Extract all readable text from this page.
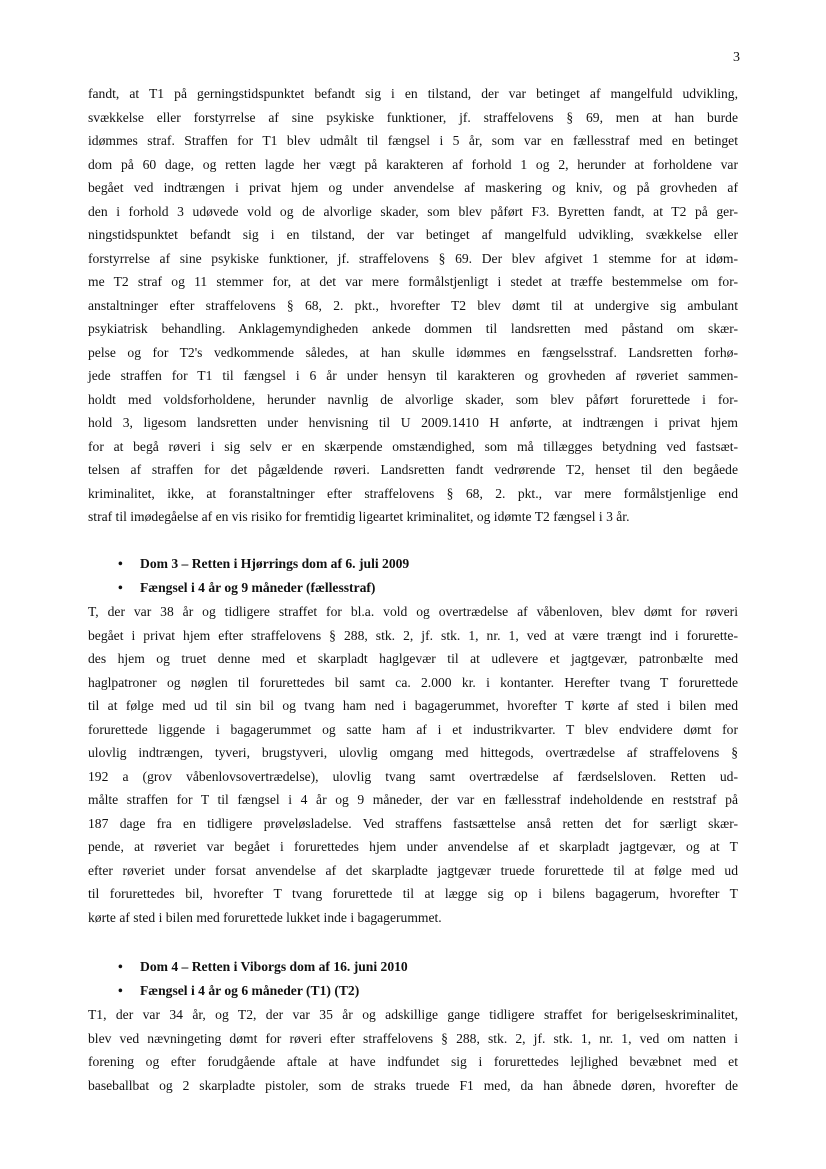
3
fandt, at T1 på gerningstidspunktet befandt sig i en tilstand, der var betinget af mangelfuld udvikling,
svækkelse eller forstyrrelse af sine psykiske funktioner, jf. straffelovens § 69, men at han burde
idømmes straf. Straffen for T1 blev udmålt til fængsel i 5 år, som var en fællesstraf med en betinget
dom på 60 dage, og retten lagde her vægt på karakteren af forhold 1 og 2, herunder at forholdene var
begået ved indtrængen i privat hjem og under anvendelse af maskering og kniv, og på grovheden af
den i forhold 3 udøvede vold og de alvorlige skader, som blev påført F3. Byretten fandt, at T2 på ger-
ningstidspunktet befandt sig i en tilstand, der var betinget af mangelfuld udvikling, svækkelse eller
forstyrrelse af sine psykiske funktioner, jf. straffelovens § 69. Der blev afgivet 1 stemme for at idøm-
me T2 straf og 11 stemmer for, at det var mere formålstjenligt i stedet at træffe bestemmelse om for-
anstaltninger efter straffelovens § 68, 2. pkt., hvorefter T2 blev dømt til at undergive sig ambulant
psykiatrisk behandling. Anklagemyndigheden ankede dommen til landsretten med påstand om skær-
pelse og for T2's vedkommende således, at han skulle idømmes en fængselsstraf. Landsretten forhø-
jede straffen for T1 til fængsel i 6 år under hensyn til karakteren og grovheden af røveriet sammen-
holdt med voldsforholdene, herunder navnlig de alvorlige skader, som blev påført forurettede i for-
hold 3, ligesom landsretten under henvisning til U 2009.1410 H anførte, at indtrængen i privat hjem
for at begå røveri i sig selv er en skærpende omstændighed, som må tillægges betydning ved fastsæt-
telsen af straffen for det pågældende røveri. Landsretten fandt vedrørende T2, henset til den begåede
kriminalitet, ikke, at foranstaltninger efter straffelovens § 68, 2. pkt., var mere formålstjenlige end
straf til imødegåelse af en vis risiko for fremtidig ligeartet kriminalitet, og idømte T2 fængsel i 3 år.
• Dom 3 – Retten i Hjørrings dom af 6. juli 2009
• Fængsel i 4 år og 9 måneder (fællesstraf)
T, der var 38 år og tidligere straffet for bl.a. vold og overtrædelse af våbenloven, blev dømt for røveri
begået i privat hjem efter straffelovens § 288, stk. 2, jf. stk. 1, nr. 1, ved at være trængt ind i forurette-
des hjem og truet denne med et skarpladt haglgevær til at udlevere et jagtgevær, patronbælte med
haglpatroner og nøglen til forurettedes bil samt ca. 2.000 kr. i kontanter. Herefter tvang T forurettede
til at følge med ud til sin bil og tvang ham ned i bagagerummet, hvorefter T kørte af sted i bilen med
forurettede liggende i bagagerummet og satte ham af i et industrikvarter. T blev endvidere dømt for
ulovlig indtrængen, tyveri, brugstyveri, ulovlig omgang med hittegods, overtrædelse af straffelovens §
192 a (grov våbenlovsovertrædelse), ulovlig tvang samt overtrædelse af færdselsloven. Retten ud-
målte straffen for T til fængsel i 4 år og 9 måneder, der var en fællesstraf indeholdende en reststraf på
187 dage fra en tidligere prøveløsladelse. Ved straffens fastsættelse anså retten det for særligt skær-
pende, at røveriet var begået i forurettedes hjem under anvendelse af et skarpladt jagtgevær, og at T
efter røveriet under forsat anvendelse af det skarpladte jagtgevær truede forurettede til at følge med ud
til forurettedes bil, hvorefter T tvang forurettede til at lægge sig op i bilens bagagerum, hvorefter T
kørte af sted i bilen med forurettede lukket inde i bagagerummet.
• Dom 4 – Retten i Viborgs dom af 16. juni 2010
• Fængsel i 4 år og 6 måneder (T1) (T2)
T1, der var 34 år, og T2, der var 35 år og adskillige gange tidligere straffet for berigelseskriminalitet,
blev ved nævningeting dømt for røveri efter straffelovens § 288, stk. 2, jf. stk. 1, nr. 1, ved om natten i
forening og efter forudgående aftale at have indfundet sig i forurettedes lejlighed bevæbnet med et
baseballbat og 2 skarpladte pistoler, som de straks truede F1 med, da han åbnede døren, hvorefter de
